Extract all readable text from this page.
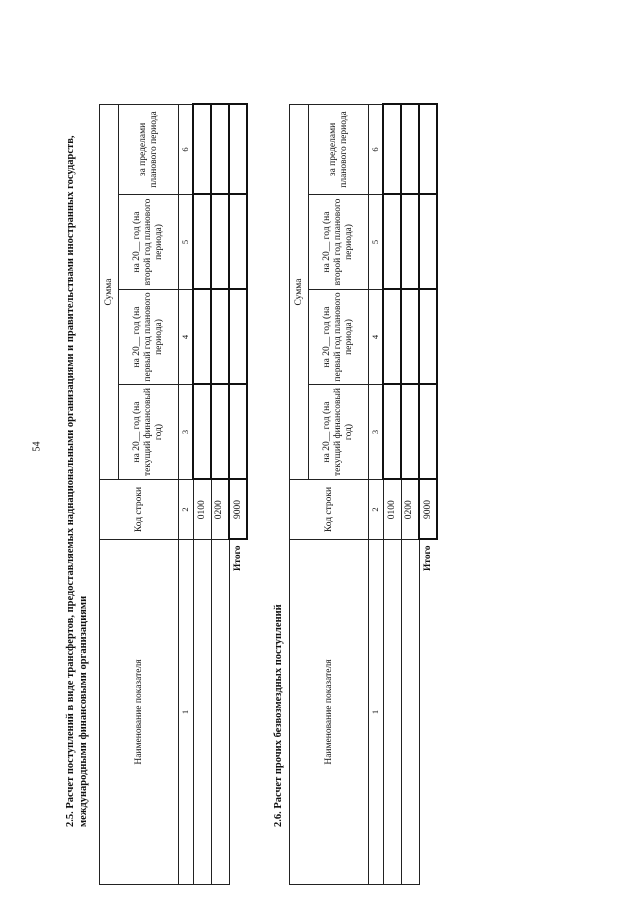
54 2.5. Расчет поступлений в виде трансфертов, предоставляемых наднациональными организациями и правительствами иностранных государств, международными финансовыми организациями	Наименование показателя	Код строки	Сумма			
		на 20__ год (на текущий финансовый год)	на 20__ год (на первый год планового периода)	на 20__ год (на второй год планового периода)	за пределами планового периода
1	2	3	4	5	6
	0100				
	0200				
Итого	9000				
2.6. Расчет прочих безвозмездных поступлений	Наименование показателя	Код строки	Сумма			
		на 20__ год (на текущий финансовый год)	на 20__ год (на первый год планового периода)	на 20__ год (на второй год планового периода)	за пределами планового периода
1	2	3	4	5	6
	0100				
	0200				
Итого	9000				
